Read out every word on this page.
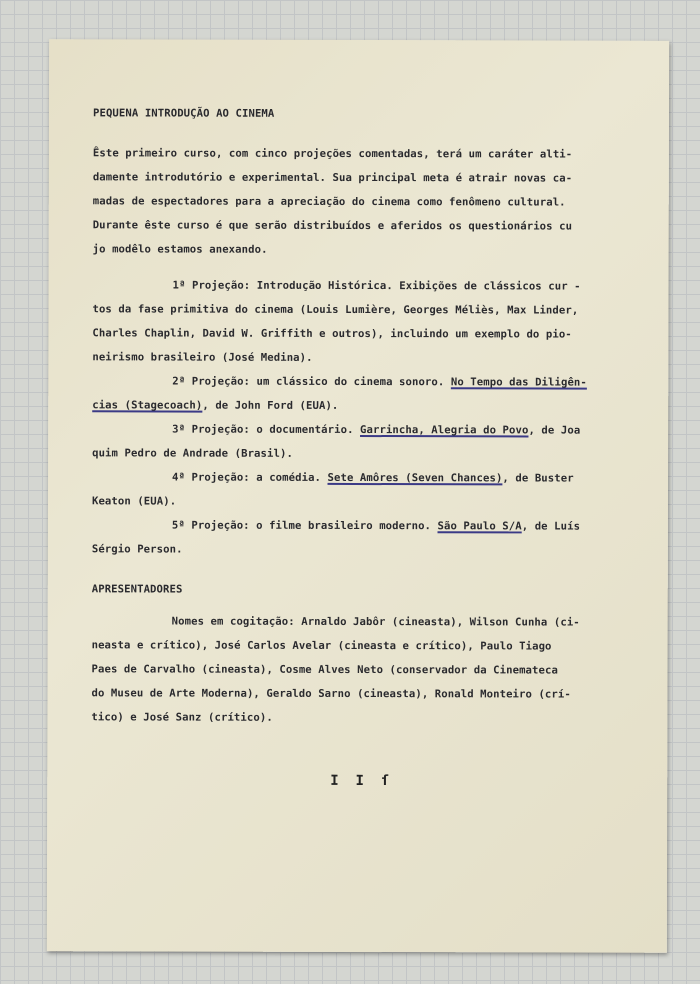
PEQUENA INTRODUÇÃO AO CINEMA
Êste primeiro curso, com cinco projeções comentadas, terá um caráter alti-
damente introdutório e experimental. Sua principal meta é atrair novas ca-
madas de espectadores para a apreciação do cinema como fenômeno cultural.
Durante êste curso é que serão distribuídos e aferidos os questionários cu
jo modêlo estamos anexando.
1ª Projeção: Introdução Histórica. Exibições de clássicos cur -
tos da fase primitiva do cinema (Louis Lumière, Georges Méliès, Max Linder,
Charles Chaplin, David W. Griffith e outros), incluindo um exemplo do pio-
neirismo brasileiro (José Medina).
2ª Projeção: um clássico do cinema sonoro. No Tempo das Diligên-
cias (Stagecoach), de John Ford (EUA).
3ª Projeção: o documentário. Garrincha, Alegria do Povo, de Joa
quim Pedro de Andrade (Brasil).
4ª Projeção: a comédia. Sete Amôres (Seven Chances), de Buster
Keaton (EUA).
5ª Projeção: o filme brasileiro moderno. São Paulo S/A, de Luís
Sérgio Person.
APRESENTADORES
Nomes em cogitação: Arnaldo Jabôr (cineasta), Wilson Cunha (ci-
neasta e crítico), José Carlos Avelar (cineasta e crítico), Paulo Tiago
Paes de Carvalho (cineasta), Cosme Alves Neto (conservador da Cinemateca
do Museu de Arte Moderna), Geraldo Sarno (cineasta), Ronald Monteiro (crí-
tico) e José Sanz (crítico).
I  I  ſ
